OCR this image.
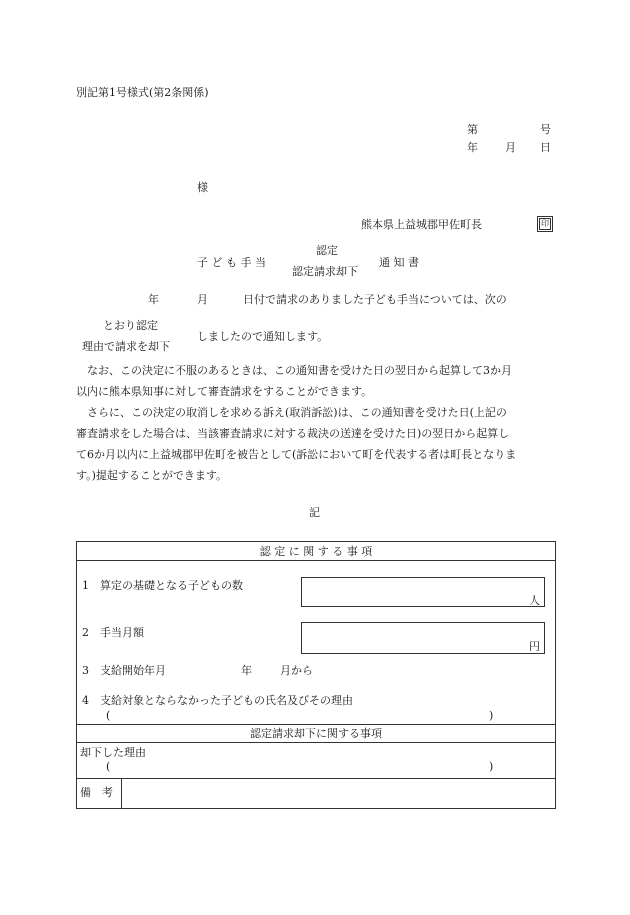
別記第1号様式(第2条関係)
第	号
年 月 日
様
熊本県上益城郡甲佐町長	印
子 ど も 手 当
認定
認定請求却下
通 知 書
年	月	日付で請求のありました子ども手当については、次の
とおり認定
理由で請求を却下
しましたので通知します。
なお、この決定に不服のあるときは、この通知書を受けた日の翌日から起算して3か月
以内に熊本県知事に対して審査請求をすることができます。
さらに、この決定の取消しを求める訴え(取消訴訟)は、この通知書を受けた日(上記の
審査請求をした場合は、当該審査請求に対する裁決の送達を受けた日)の翌日から起算し
て6か月以内に上益城郡甲佐町を被告として(訴訟において町を代表する者は町長となりま
す。)提起することができます。
記
認 定 に 関 す る 事 項
1　算定の基礎となる子どもの数
人
2　手当月額
円
3　支給開始年月	年	月から
4　支給対象とならなかった子どもの氏名及びその理由
(	)
認定請求却下に関する事項
却下した理由
(	)
備　考
